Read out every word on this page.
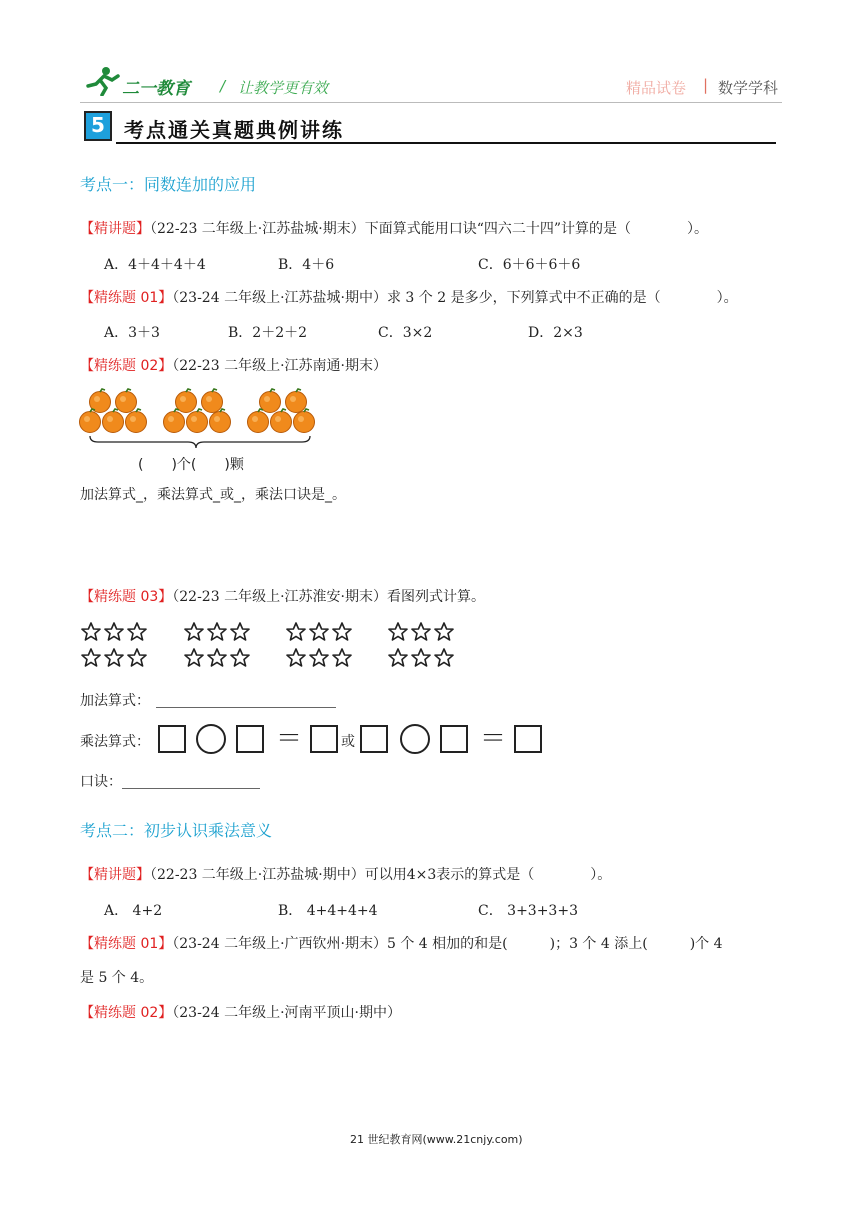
二一教育 / 让教学更有效	精品试卷 | 数学学科
5 考点通关真题典例讲练
考点一：同数连加的应用
【精讲题】（22-23 二年级上·江苏盐城·期末）下面算式能用口诀“四六二十四”计算的是（　　　　）。
A．4＋4＋4＋4	B．4＋6	C．6＋6＋6＋6
【精练题 01】（23-24 二年级上·江苏盐城·期中）求 3 个 2 是多少，下列算式中不正确的是（　　　　）。
A．3＋3	B．2＋2＋2	C．3×2	D．2×3
【精练题 02】（22-23 二年级上·江苏南通·期末）
(　　)个(　　)颗
加法算式_，乘法算式_或_，乘法口诀是_。
【精练题 03】（22-23 二年级上·江苏淮安·期末）看图列式计算。
加法算式：
乘法算式：	＝	或	＝
口诀：
考点二：初步认识乘法意义
【精讲题】（22-23 二年级上·江苏盐城·期中）可以用4×3表示的算式是（　　　　）。
A． 4+2	B． 4+4+4+4	C． 3+3+3+3
【精练题 01】（23-24 二年级上·广西钦州·期末）5 个 4 相加的和是(　　　)；3 个 4 添上(　　　)个 4
是 5 个 4。
【精练题 02】（23-24 二年级上·河南平顶山·期中）
21 世纪教育网(www.21cnjy.com)
